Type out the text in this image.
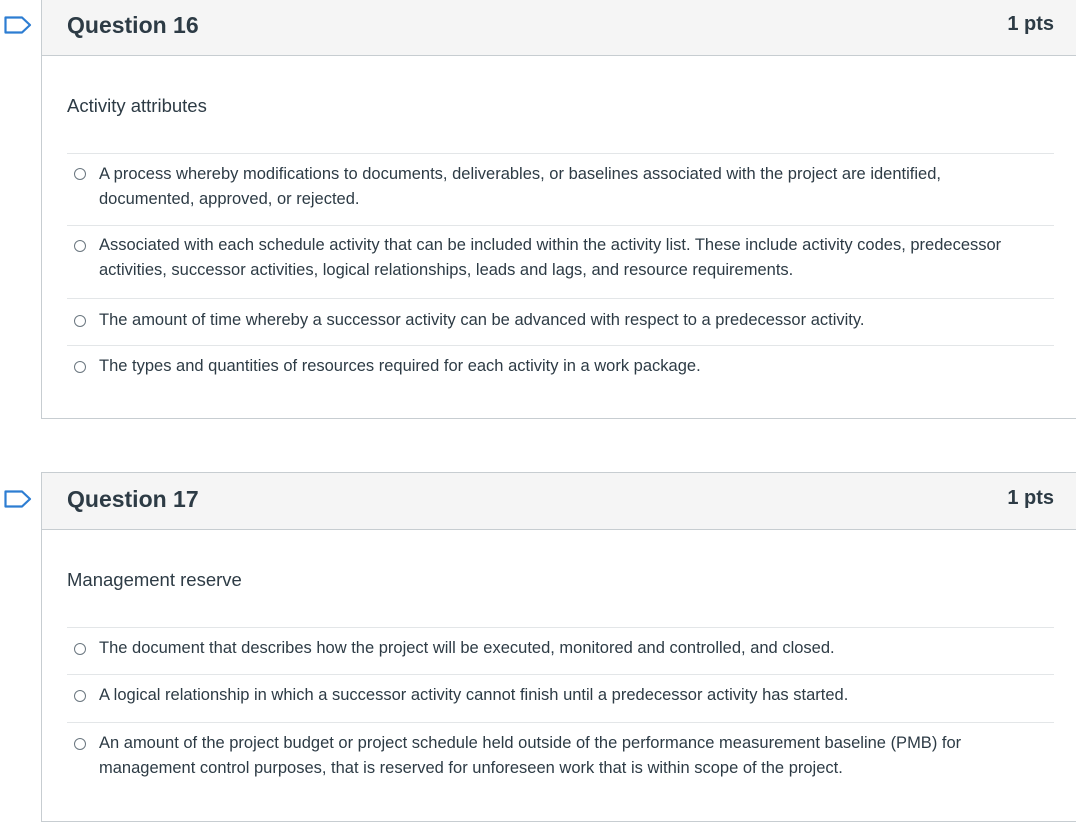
Question 16	1 pts
Activity attributes
A process whereby modifications to documents, deliverables, or baselines associated with the project are identified,
documented, approved, or rejected.
Associated with each schedule activity that can be included within the activity list. These include activity codes, predecessor
activities, successor activities, logical relationships, leads and lags, and resource requirements.
The amount of time whereby a successor activity can be advanced with respect to a predecessor activity.
The types and quantities of resources required for each activity in a work package.
Question 17	1 pts
Management reserve
The document that describes how the project will be executed, monitored and controlled, and closed.
A logical relationship in which a successor activity cannot finish until a predecessor activity has started.
An amount of the project budget or project schedule held outside of the performance measurement baseline (PMB) for
management control purposes, that is reserved for unforeseen work that is within scope of the project.
